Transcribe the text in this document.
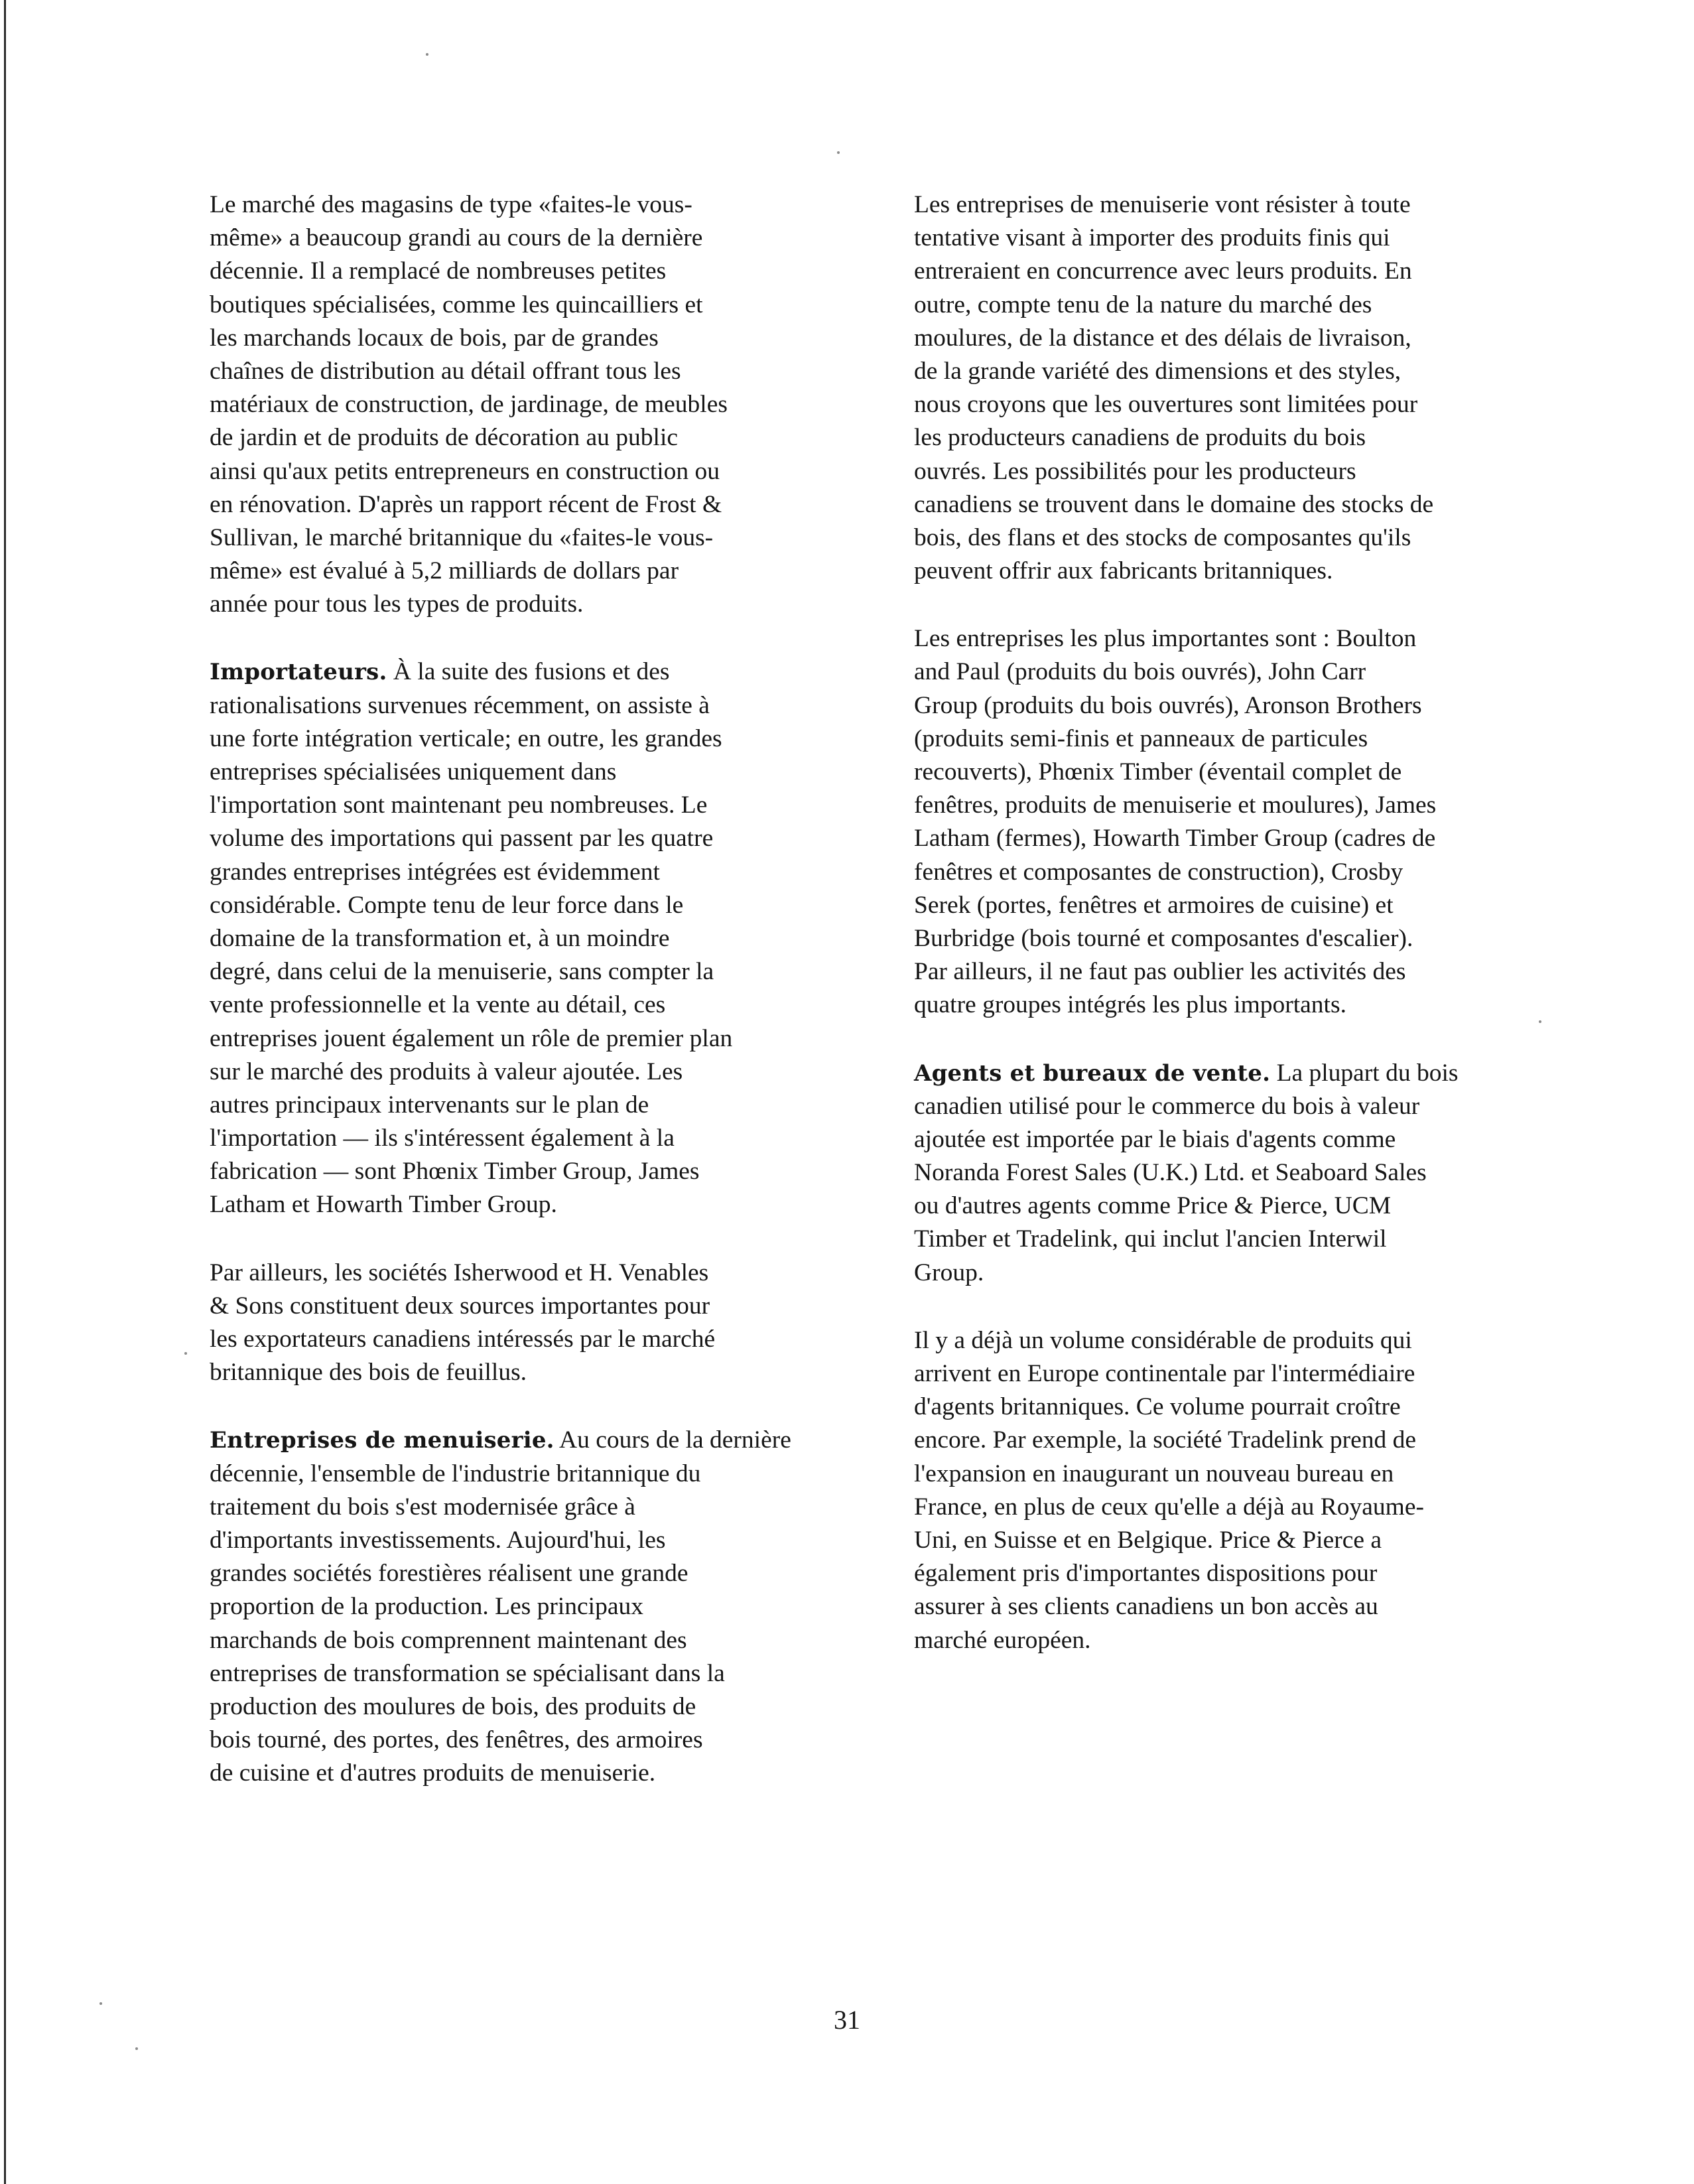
Le marché des magasins de type «faites-le vous-
même» a beaucoup grandi au cours de la dernière
décennie. Il a remplacé de nombreuses petites
boutiques spécialisées, comme les quincailliers et
les marchands locaux de bois, par de grandes
chaînes de distribution au détail offrant tous les
matériaux de construction, de jardinage, de meubles
de jardin et de produits de décoration au public
ainsi qu'aux petits entrepreneurs en construction ou
en rénovation. D'après un rapport récent de Frost &
Sullivan, le marché britannique du «faites-le vous-
même» est évalué à 5,2 milliards de dollars par
année pour tous les types de produits.
Importateurs. À la suite des fusions et des
rationalisations survenues récemment, on assiste à
une forte intégration verticale; en outre, les grandes
entreprises spécialisées uniquement dans
l'importation sont maintenant peu nombreuses. Le
volume des importations qui passent par les quatre
grandes entreprises intégrées est évidemment
considérable. Compte tenu de leur force dans le
domaine de la transformation et, à un moindre
degré, dans celui de la menuiserie, sans compter la
vente professionnelle et la vente au détail, ces
entreprises jouent également un rôle de premier plan
sur le marché des produits à valeur ajoutée. Les
autres principaux intervenants sur le plan de
l'importation — ils s'intéressent également à la
fabrication — sont Phœnix Timber Group, James
Latham et Howarth Timber Group.
Par ailleurs, les sociétés Isherwood et H. Venables
& Sons constituent deux sources importantes pour
les exportateurs canadiens intéressés par le marché
britannique des bois de feuillus.
Entreprises de menuiserie. Au cours de la dernière
décennie, l'ensemble de l'industrie britannique du
traitement du bois s'est modernisée grâce à
d'importants investissements. Aujourd'hui, les
grandes sociétés forestières réalisent une grande
proportion de la production. Les principaux
marchands de bois comprennent maintenant des
entreprises de transformation se spécialisant dans la
production des moulures de bois, des produits de
bois tourné, des portes, des fenêtres, des armoires
de cuisine et d'autres produits de menuiserie.
Les entreprises de menuiserie vont résister à toute
tentative visant à importer des produits finis qui
entreraient en concurrence avec leurs produits. En
outre, compte tenu de la nature du marché des
moulures, de la distance et des délais de livraison,
de la grande variété des dimensions et des styles,
nous croyons que les ouvertures sont limitées pour
les producteurs canadiens de produits du bois
ouvrés. Les possibilités pour les producteurs
canadiens se trouvent dans le domaine des stocks de
bois, des flans et des stocks de composantes qu'ils
peuvent offrir aux fabricants britanniques.
Les entreprises les plus importantes sont : Boulton
and Paul (produits du bois ouvrés), John Carr
Group (produits du bois ouvrés), Aronson Brothers
(produits semi-finis et panneaux de particules
recouverts), Phœnix Timber (éventail complet de
fenêtres, produits de menuiserie et moulures), James
Latham (fermes), Howarth Timber Group (cadres de
fenêtres et composantes de construction), Crosby
Serek (portes, fenêtres et armoires de cuisine) et
Burbridge (bois tourné et composantes d'escalier).
Par ailleurs, il ne faut pas oublier les activités des
quatre groupes intégrés les plus importants.
Agents et bureaux de vente. La plupart du bois
canadien utilisé pour le commerce du bois à valeur
ajoutée est importée par le biais d'agents comme
Noranda Forest Sales (U.K.) Ltd. et Seaboard Sales
ou d'autres agents comme Price & Pierce, UCM
Timber et Tradelink, qui inclut l'ancien Interwil
Group.
Il y a déjà un volume considérable de produits qui
arrivent en Europe continentale par l'intermédiaire
d'agents britanniques. Ce volume pourrait croître
encore. Par exemple, la société Tradelink prend de
l'expansion en inaugurant un nouveau bureau en
France, en plus de ceux qu'elle a déjà au Royaume-
Uni, en Suisse et en Belgique. Price & Pierce a
également pris d'importantes dispositions pour
assurer à ses clients canadiens un bon accès au
marché européen.
31
